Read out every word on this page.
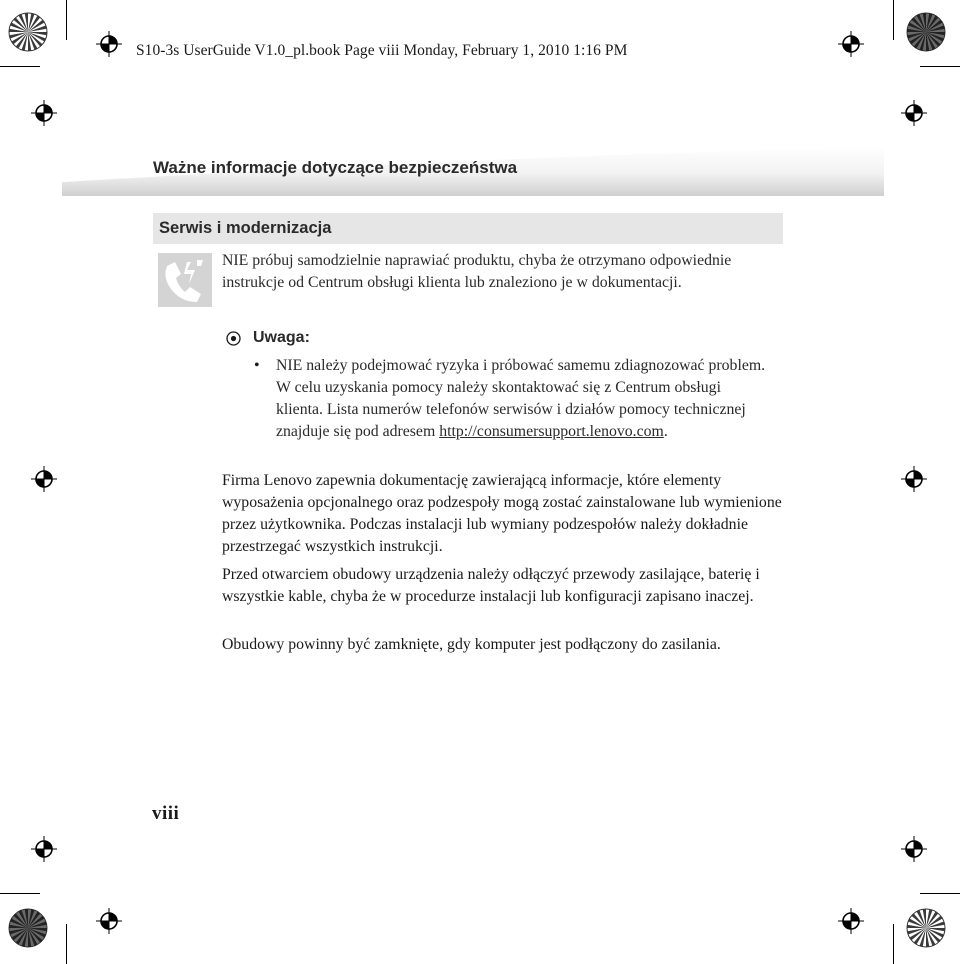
S10-3s UserGuide V1.0_pl.book Page viii Monday, February 1, 2010 1:16 PM
Ważne informacje dotyczące bezpieczeństwa
Serwis i modernizacja
NIE próbuj samodzielnie naprawiać produktu, chyba że otrzymano odpowiednie instrukcje od Centrum obsługi klienta lub znaleziono je w dokumentacji.
Uwaga:
•	NIE należy podejmować ryzyka i próbować samemu zdiagnozować problem. W celu uzyskania pomocy należy skontaktować się z Centrum obsługi klienta. Lista numerów telefonów serwisów i działów pomocy technicznej znajduje się pod adresem http://consumersupport.lenovo.com.

Firma Lenovo zapewnia dokumentację zawierającą informacje, które elementy wyposażenia opcjonalnego oraz podzespoły mogą zostać zainstalowane lub wymienione przez użytkownika. Podczas instalacji lub wymiany podzespołów należy dokładnie przestrzegać wszystkich instrukcji.

Przed otwarciem obudowy urządzenia należy odłączyć przewody zasilające, baterię i wszystkie kable, chyba że w procedurze instalacji lub konfiguracji zapisano inaczej.

Obudowy powinny być zamknięte, gdy komputer jest podłączony do zasilania.

viii
